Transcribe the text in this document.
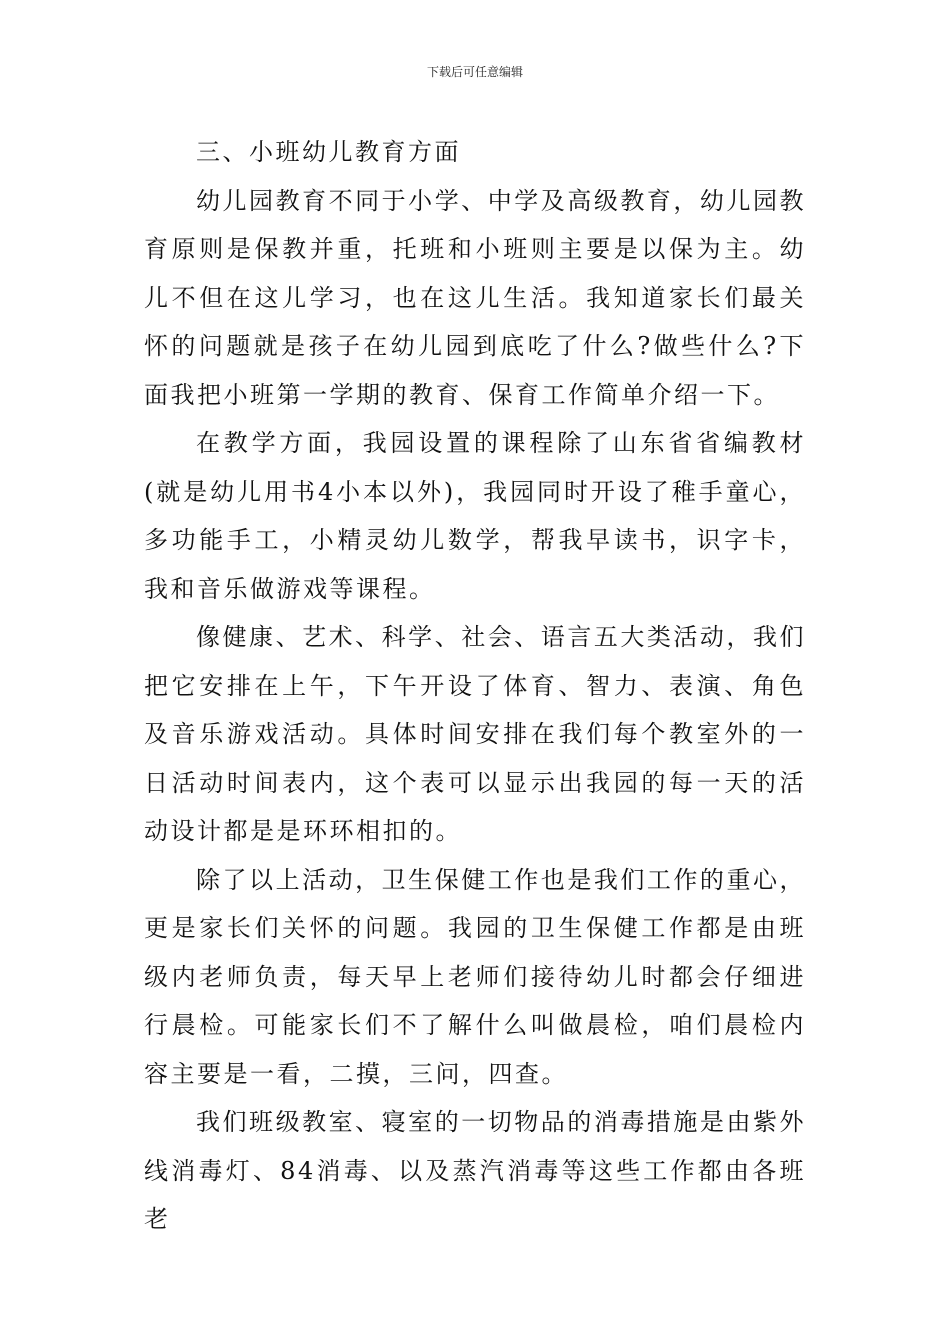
下载后可任意编辑

三、小班幼儿教育方面

幼儿园教育不同于小学、中学及高级教育，幼儿园教育原则是保教并重，托班和小班则主要是以保为主。幼儿不但在这儿学习，也在这儿生活。我知道家长们最关怀的问题就是孩子在幼儿园到底吃了什么?做些什么?下面我把小班第一学期的教育、保育工作简单介绍一下。

在教学方面，我园设置的课程除了山东省省编教材(就是幼儿用书4小本以外)，我园同时开设了稚手童心，多功能手工，小精灵幼儿数学，帮我早读书，识字卡，我和音乐做游戏等课程。

像健康、艺术、科学、社会、语言五大类活动，我们把它安排在上午，下午开设了体育、智力、表演、角色及音乐游戏活动。具体时间安排在我们每个教室外的一日活动时间表内，这个表可以显示出我园的每一天的活动设计都是是环环相扣的。

除了以上活动，卫生保健工作也是我们工作的重心，更是家长们关怀的问题。我园的卫生保健工作都是由班级内老师负责，每天早上老师们接待幼儿时都会仔细进行晨检。可能家长们不了解什么叫做晨检，咱们晨检内容主要是一看，二摸，三问，四查。

我们班级教室、寝室的一切物品的消毒措施是由紫外线消毒灯、84消毒、以及蒸汽消毒等这些工作都由各班老
